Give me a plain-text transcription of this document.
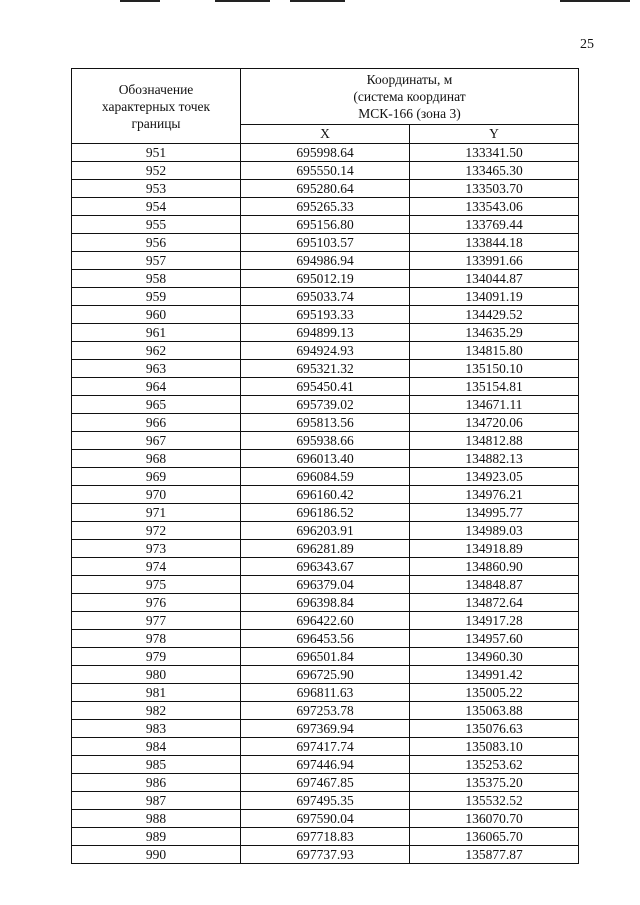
25
Обозначение характерных точек границы	Координаты, м
(система координат
МСК-166 (зона 3)	

	X	Y
951	695998.64	133341.50
952	695550.14	133465.30
953	695280.64	133503.70
954	695265.33	133543.06
955	695156.80	133769.44
956	695103.57	133844.18
957	694986.94	133991.66
958	695012.19	134044.87
959	695033.74	134091.19
960	695193.33	134429.52
961	694899.13	134635.29
962	694924.93	134815.80
963	695321.32	135150.10
964	695450.41	135154.81
965	695739.02	134671.11
966	695813.56	134720.06
967	695938.66	134812.88
968	696013.40	134882.13
969	696084.59	134923.05
970	696160.42	134976.21
971	696186.52	134995.77
972	696203.91	134989.03
973	696281.89	134918.89
974	696343.67	134860.90
975	696379.04	134848.87
976	696398.84	134872.64
977	696422.60	134917.28
978	696453.56	134957.60
979	696501.84	134960.30
980	696725.90	134991.42
981	696811.63	135005.22
982	697253.78	135063.88
983	697369.94	135076.63
984	697417.74	135083.10
985	697446.94	135253.62
986	697467.85	135375.20
987	697495.35	135532.52
988	697590.04	136070.70
989	697718.83	136065.70
990	697737.93	135877.87
